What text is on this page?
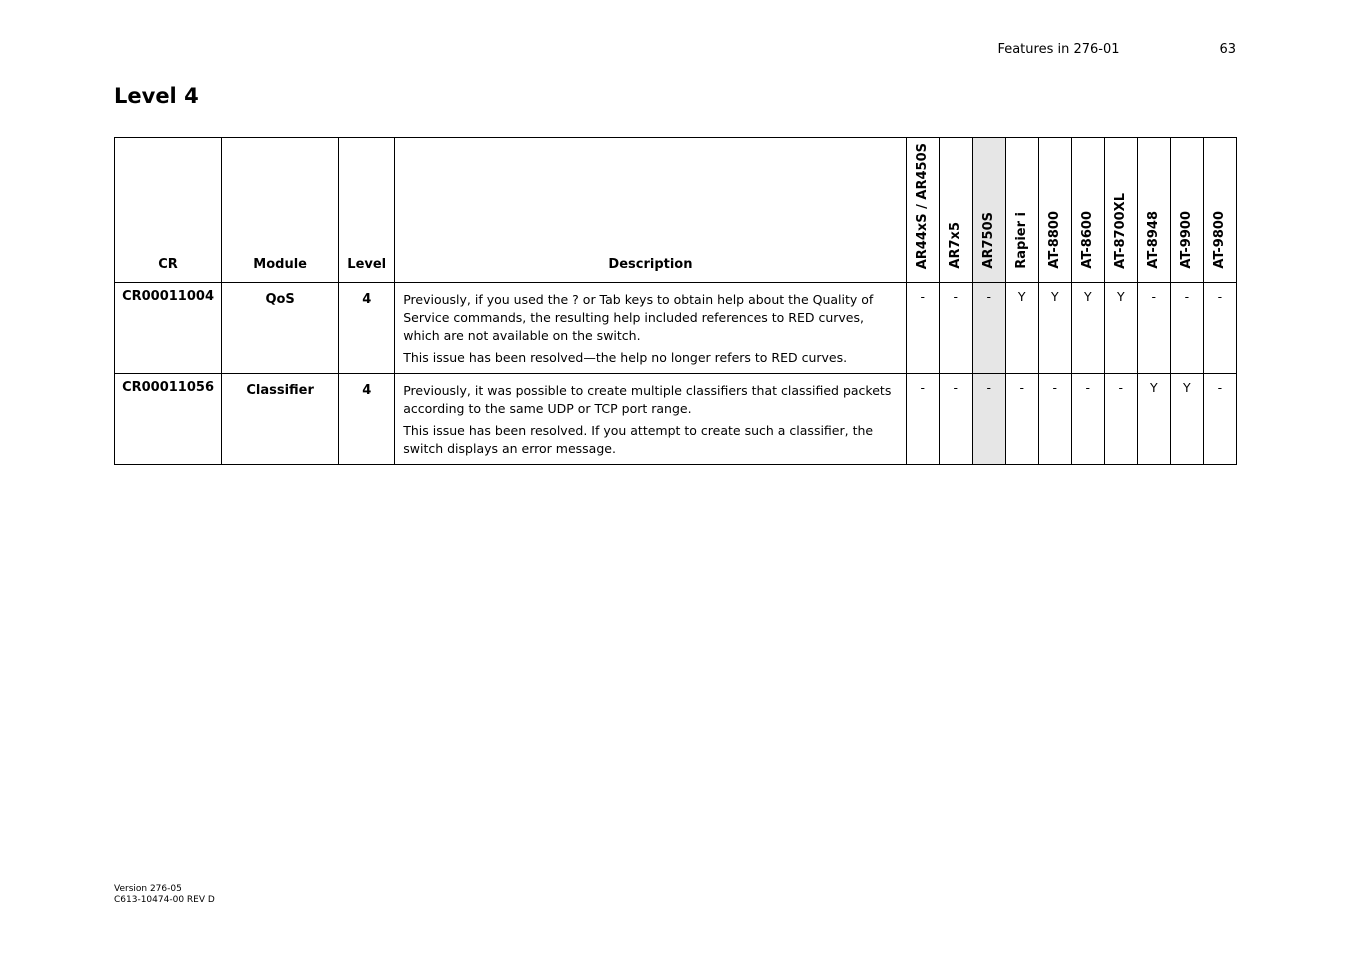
Features in 276-01	63
Level 4
CR	Module	Level	Description	AR44xS / AR450S	AR7x5	AR750S	Rapier i	AT-8800	AT-8600	AT-8700XL	AT-8948	AT-9900	AT-9800
CR00011004	QoS	4	Previously, if you used the ? or Tab keys to obtain help about the Quality of Service commands, the resulting help included references to RED curves, which are not available on the switch.

This issue has been resolved—the help no longer refers to RED curves.	-	-	-	Y	Y	Y	Y	-	-	-
CR00011056	Classifier	4	Previously, it was possible to create multiple classifiers that classified packets according to the same UDP or TCP port range.

This issue has been resolved. If you attempt to create such a classifier, the switch displays an error message.	-	-	-	-	-	-	-	Y	Y	-
Version 276-05
C613-10474-00 REV D
